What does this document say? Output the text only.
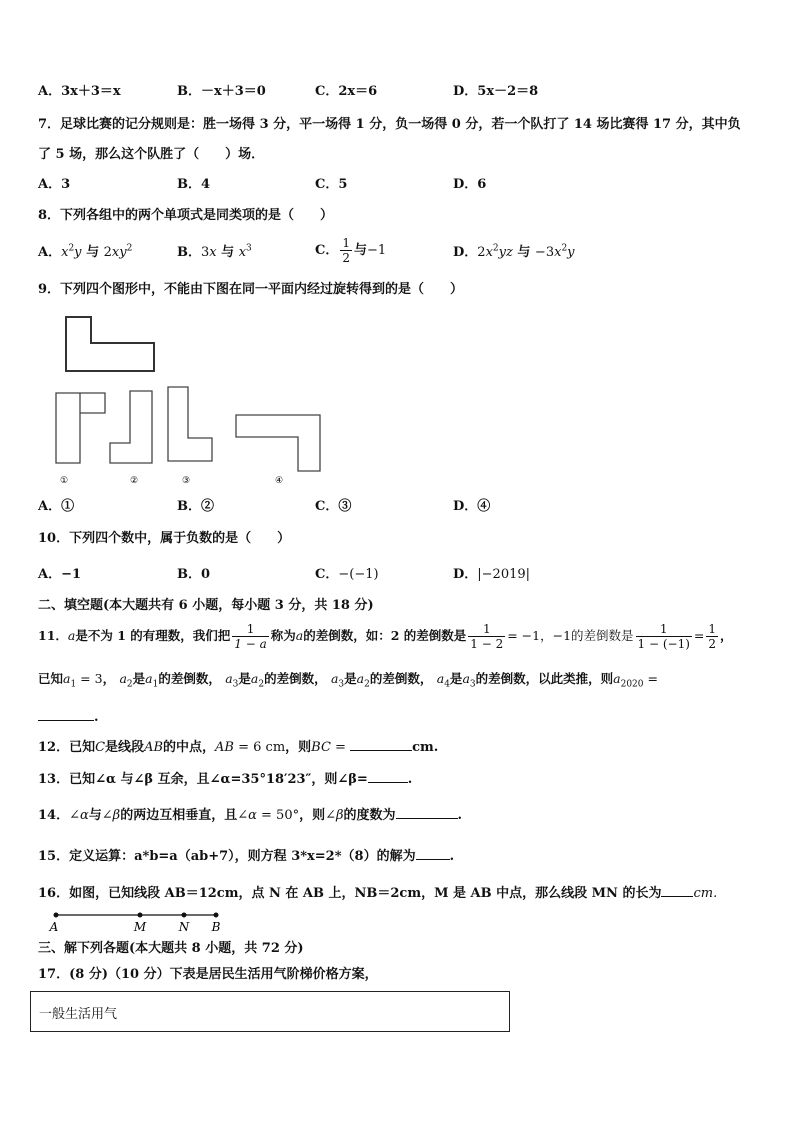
A．3x＋3＝x	B．－x＋3＝0	C．2x＝6	D．5x－2＝8
7．足球比赛的记分规则是：胜一场得 3 分，平一场得 1 分，负一场得 0 分，若一个队打了 14 场比赛得 17 分，其中负
了 5 场，那么这个队胜了（　　）场．
A．3	B．4	C．5	D．6
8．下列各组中的两个单项式是同类项的是（　　）
A．$x^2y$ 与 $2xy^2$	B．3x 与 $x^3$	C． $\frac{1}{2}$ 与−1	D．$2x^2yz$ 与 $-3x^2y$
9．下列四个图形中，不能由下图在同一平面内经过旋转得到的是（　　）
①	②	③	④
A．①	B．②	C．③	D．④
10．下列四个数中，属于负数的是（　　）
A．−1	B．0	C．−(−1)	D．|−2019|
二、填空题(本大题共有 6 小题，每小题 3 分，共 18 分)
11．a是不为 1 的有理数，我们把 $\frac{1}{1 - a}$ 称为a的差倒数，如：2 的差倒数是 $\frac{1}{1 - 2} = -1$，−1的差倒数是 $\frac{1}{1 - (-1)} = \frac{1}{2}$ ，
已知$a_1 = 3$， $a_2$是$a_1$的差倒数， $a_3$是$a_2$的差倒数， $a_3$是$a_2$的差倒数， $a_4$是$a_3$的差倒数，以此类推，则$a_{2020}$ =
.
12．已知C是线段AB的中点，AB = 6 cm，则BC =	cm.
13．已知∠α 与∠β 互余，且∠α=35°18′23″，则∠β=	.
14．∠α与∠β的两边互相垂直，且∠α = 50°，则∠β的度数为	.
15．定义运算：a*b=a（ab+7），则方程 3*x=2*（8）的解为	.
16．如图，已知线段 AB＝12cm，点 N 在 AB 上，NB＝2cm，M 是 AB 中点，那么线段 MN 的长为 cm.
A	M	N B
三、解下列各题(本大题共 8 小题，共 72 分)
17．(8 分)（10 分）下表是居民生活用气阶梯价格方案，
一般生活用气
